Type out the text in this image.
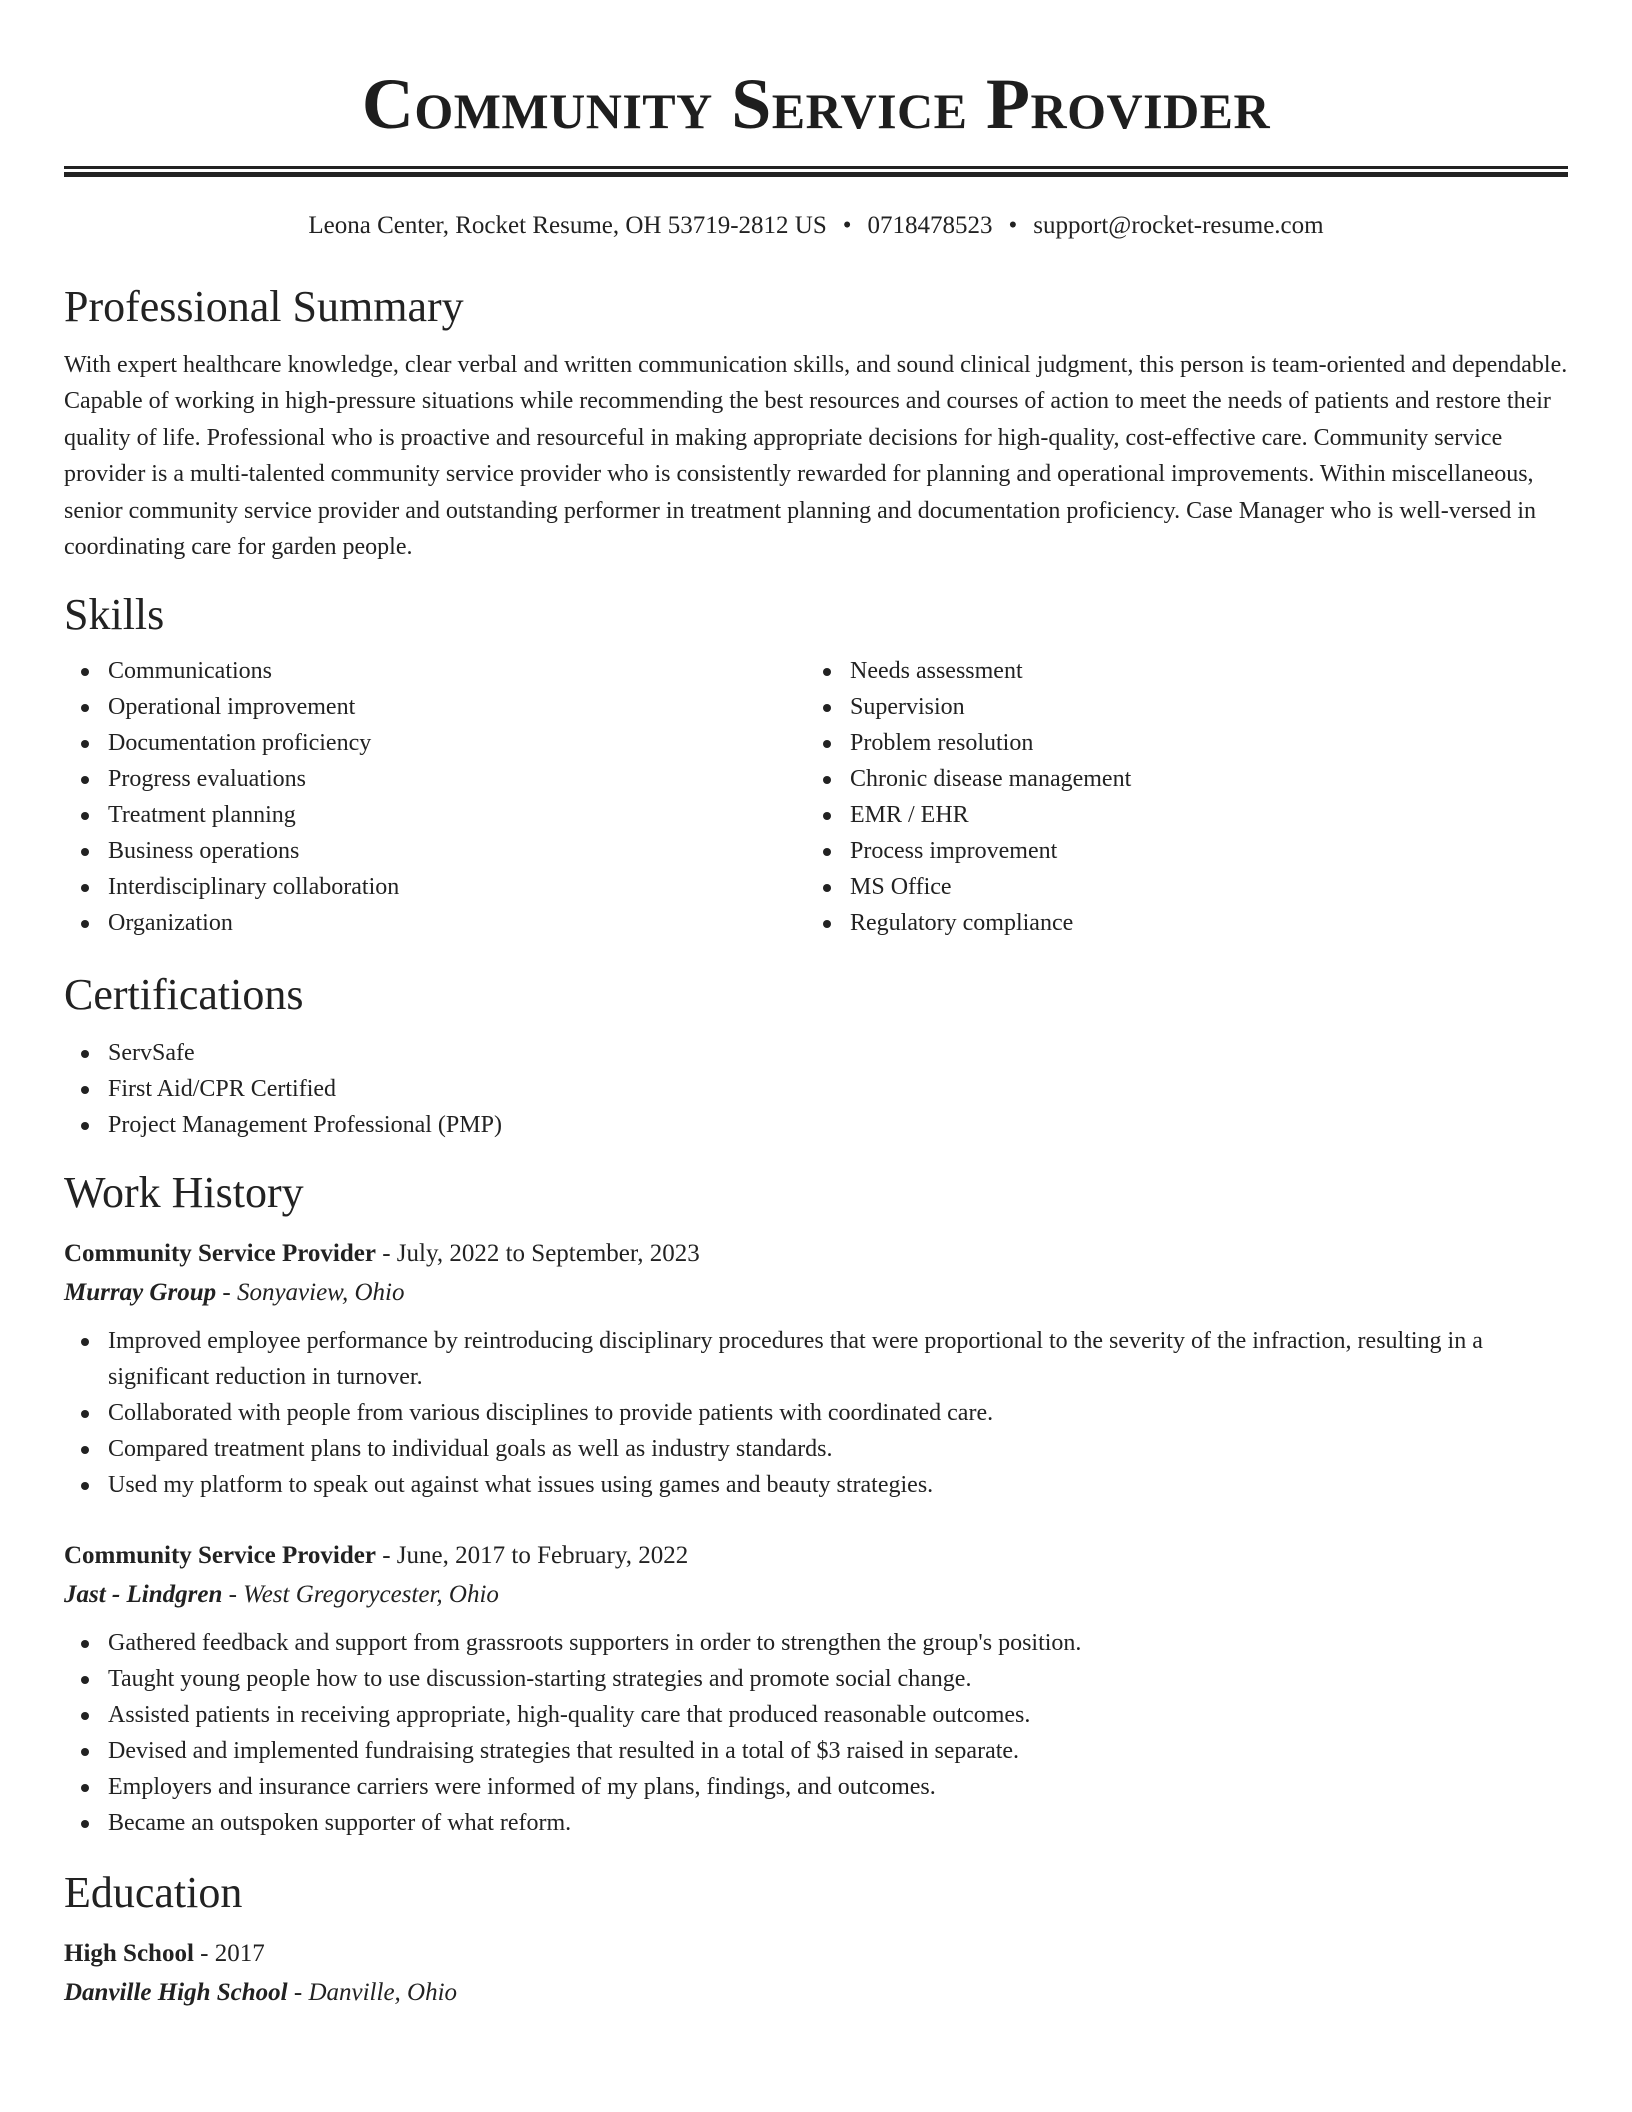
Community Service Provider
Leona Center, Rocket Resume, OH 53719-2812 US • 0718478523 • support@rocket-resume.com
Professional Summary

With expert healthcare knowledge, clear verbal and written communication skills, and sound clinical judgment, this person is team-oriented and dependable. Capable of working in high-pressure situations while recommending the best resources and courses of action to meet the needs of patients and restore their quality of life. Professional who is proactive and resourceful in making appropriate decisions for high-quality, cost-effective care. Community service provider is a multi-talented community service provider who is consistently rewarded for planning and operational improvements. Within miscellaneous, senior community service provider and outstanding performer in treatment planning and documentation proficiency. Case Manager who is well-versed in coordinating care for garden people.

Skills
Communications
Operational improvement
Documentation proficiency
Progress evaluations
Treatment planning
Business operations
Interdisciplinary collaboration
Organization
Needs assessment
Supervision
Problem resolution
Chronic disease management
EMR / EHR
Process improvement
MS Office
Regulatory compliance
Certifications
ServSafe
First Aid/CPR Certified
Project Management Professional (PMP)
Work History
Community Service Provider - July, 2022 to September, 2023
Murray Group - Sonyaview, Ohio
Improved employee performance by reintroducing disciplinary procedures that were proportional to the severity of the infraction, resulting in a significant reduction in turnover.
Collaborated with people from various disciplines to provide patients with coordinated care.
Compared treatment plans to individual goals as well as industry standards.
Used my platform to speak out against what issues using games and beauty strategies.
Community Service Provider - June, 2017 to February, 2022
Jast - Lindgren - West Gregorycester, Ohio
Gathered feedback and support from grassroots supporters in order to strengthen the group's position.
Taught young people how to use discussion-starting strategies and promote social change.
Assisted patients in receiving appropriate, high-quality care that produced reasonable outcomes.
Devised and implemented fundraising strategies that resulted in a total of $3 raised in separate.
Employers and insurance carriers were informed of my plans, findings, and outcomes.
Became an outspoken supporter of what reform.
Education
High School - 2017
Danville High School - Danville, Ohio
